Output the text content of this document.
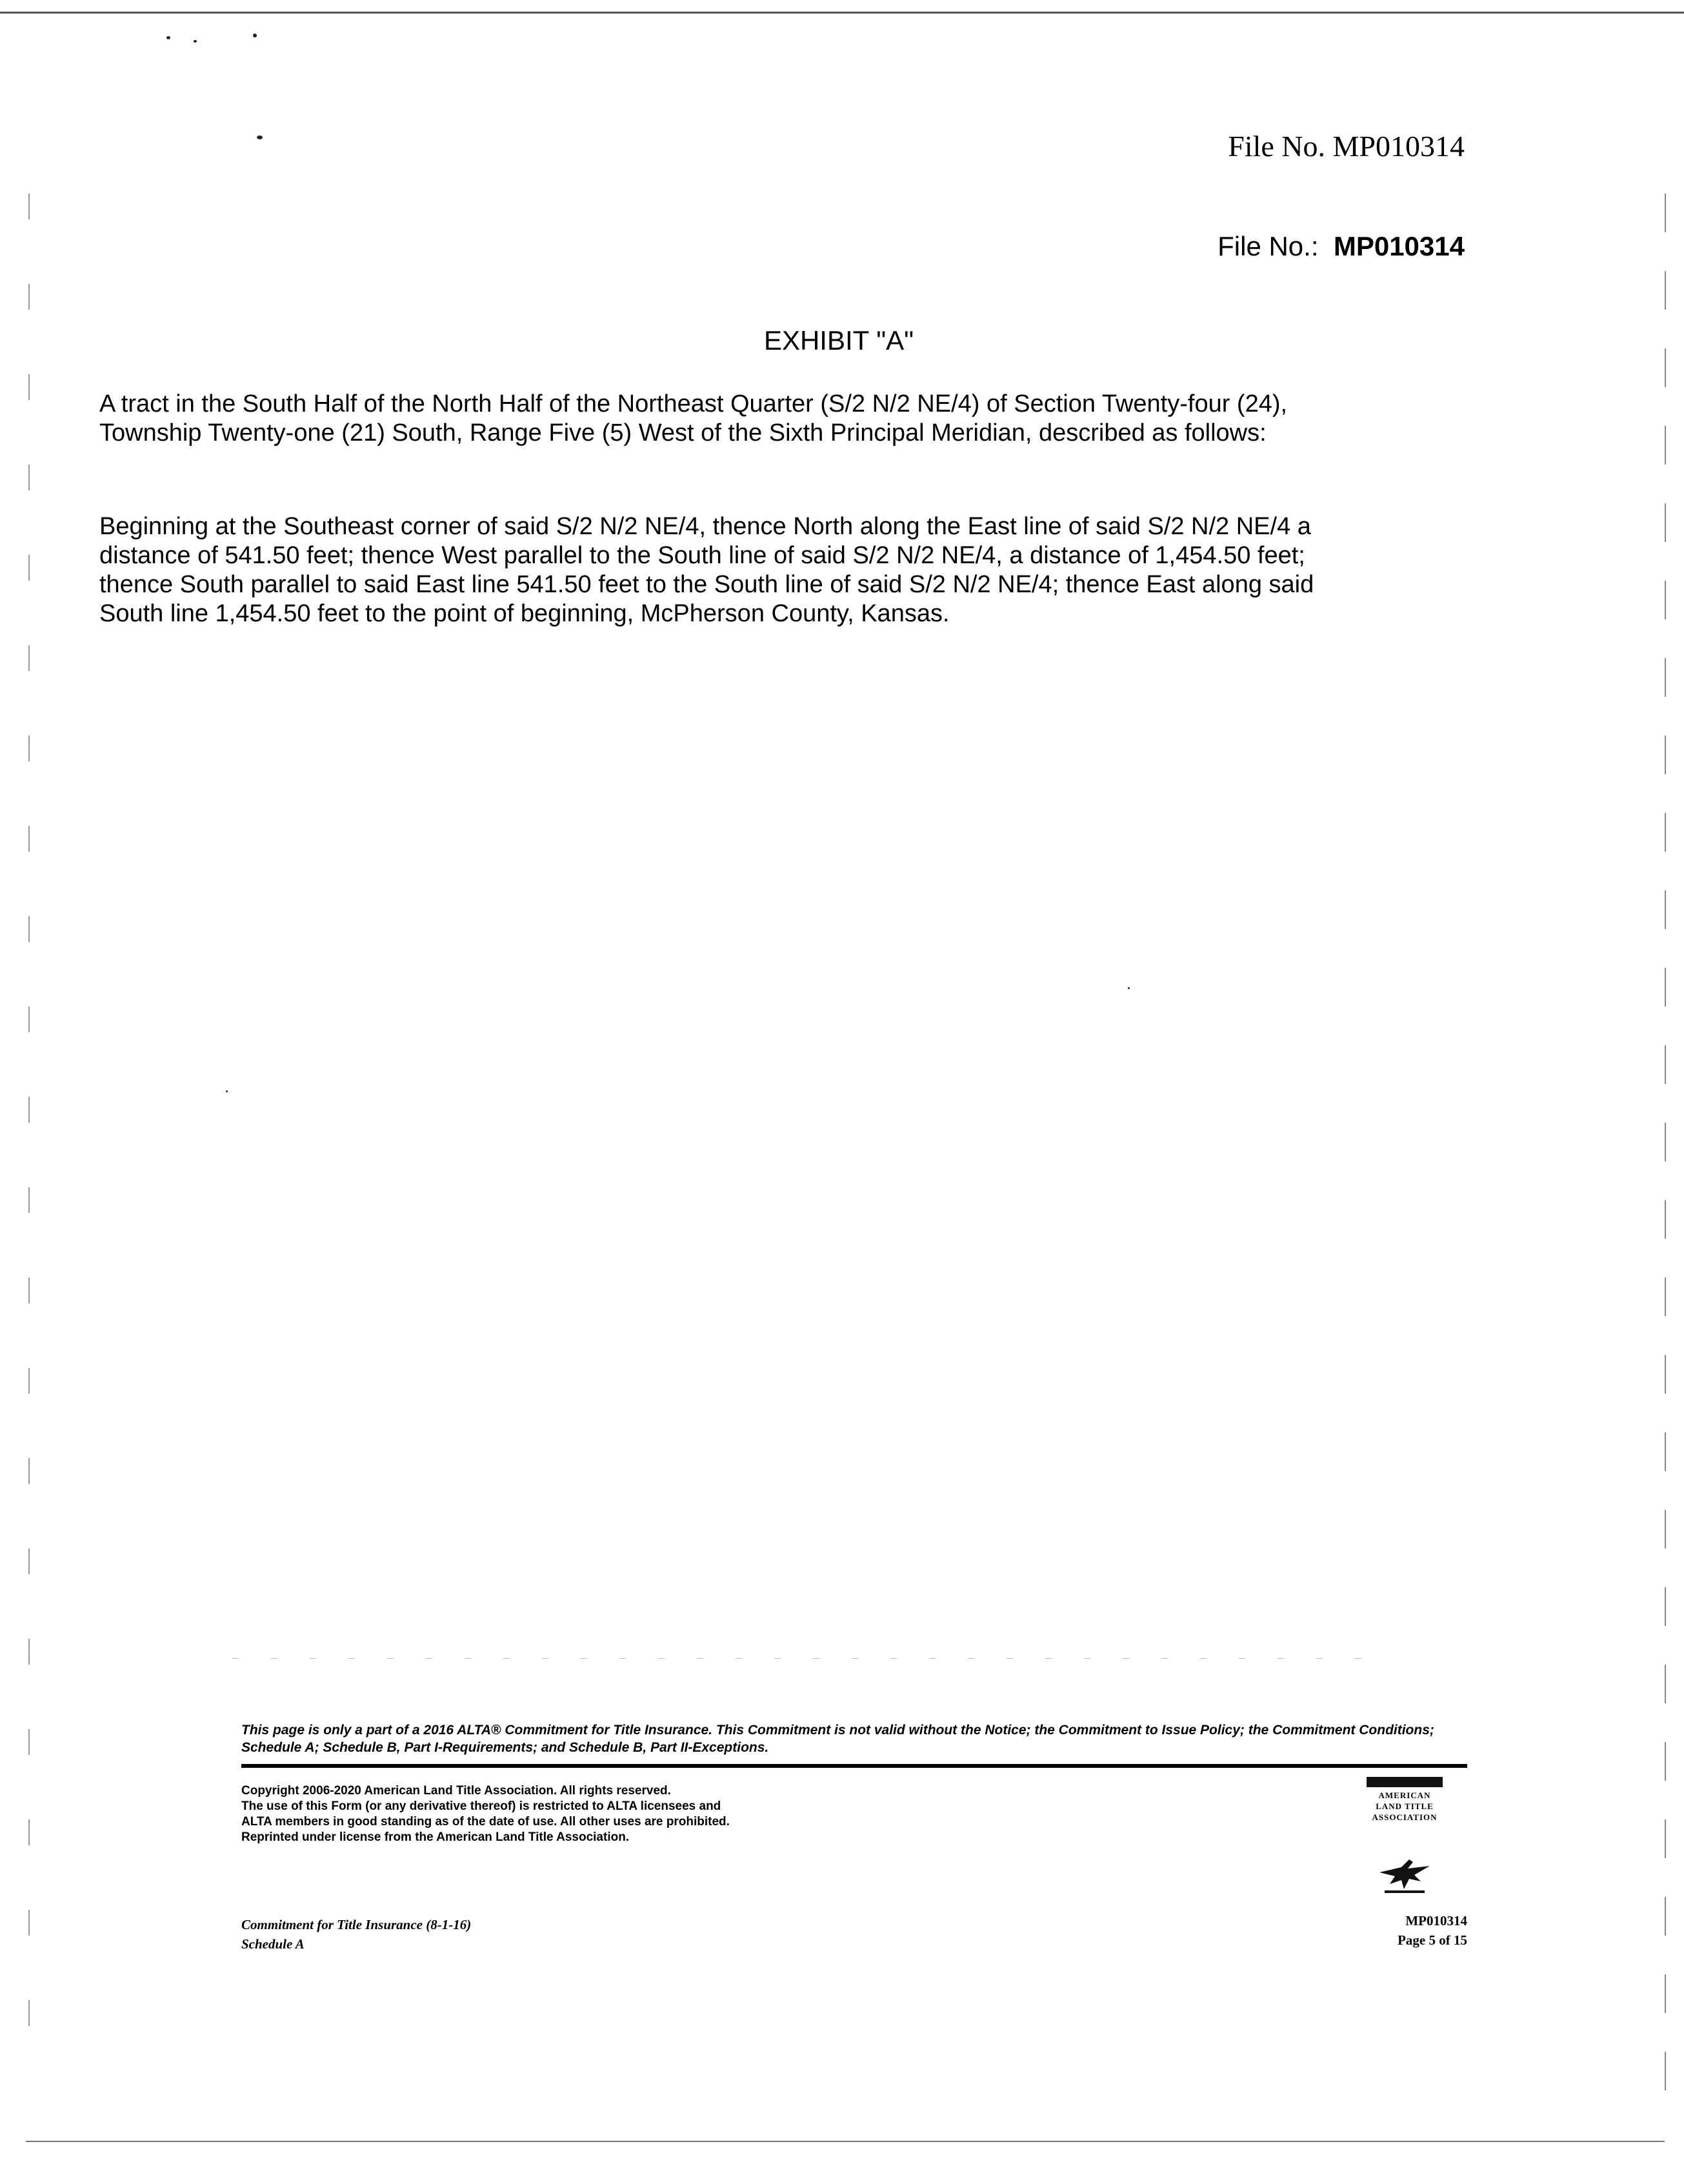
File No. MP010314
File No.: MP010314
EXHIBIT "A"

A tract in the South Half of the North Half of the Northeast Quarter (S/2 N/2 NE/4) of Section Twenty-four (24), Township Twenty-one (21) South, Range Five (5) West of the Sixth Principal Meridian, described as follows:

Beginning at the Southeast corner of said S/2 N/2 NE/4, thence North along the East line of said S/2 N/2 NE/4 a distance of 541.50 feet; thence West parallel to the South line of said S/2 N/2 NE/4, a distance of 1,454.50 feet; thence South parallel to said East line 541.50 feet to the South line of said S/2 N/2 NE/4; thence East along said South line 1,454.50 feet to the point of beginning, McPherson County, Kansas.

This page is only a part of a 2016 ALTA® Commitment for Title Insurance. This Commitment is not valid without the Notice; the Commitment to Issue Policy; the Commitment Conditions; Schedule A; Schedule B, Part I-Requirements; and Schedule B, Part II-Exceptions.

Copyright 2006-2020 American Land Title Association. All rights reserved.
The use of this Form (or any derivative thereof) is restricted to ALTA licensees and
ALTA members in good standing as of the date of use. All other uses are prohibited.
Reprinted under license from the American Land Title Association.
AMERICAN
LAND TITLE
ASSOCIATION
Commitment for Title Insurance (8-1-16)
Schedule A
MP010314
Page 5 of 15
